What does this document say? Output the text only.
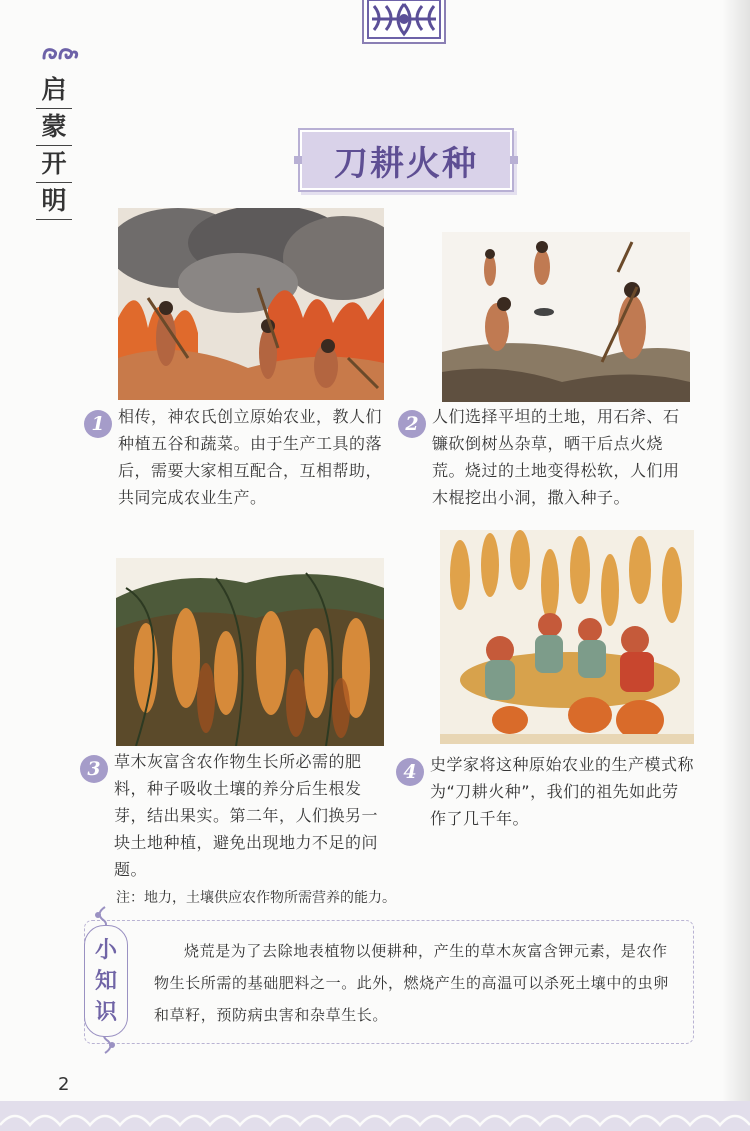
启
蒙
开
明
刀耕火种
1 相传，神农氏创立原始农业，教人们种植五谷和蔬菜。由于生产工具的落后，需要大家相互配合，互相帮助，共同完成农业生产。
2 人们选择平坦的土地，用石斧、石镰砍倒树丛杂草，晒干后点火烧荒。烧过的土地变得松软，人们用木棍挖出小洞，撒入种子。
3 草木灰富含农作物生长所必需的肥料，种子吸收土壤的养分后生根发芽，结出果实。第二年，人们换另一块土地种植，避免出现地力不足的问题。
4 史学家将这种原始农业的生产模式称为“刀耕火种”，我们的祖先如此劳作了几千年。
注：地力，土壤供应农作物所需营养的能力。
小
知
识
烧荒是为了去除地表植物以便耕种，产生的草木灰富含钾元素，是农作物生长所需的基础肥料之一。此外，燃烧产生的高温可以杀死土壤中的虫卵和草籽，预防病虫害和杂草生长。
2
